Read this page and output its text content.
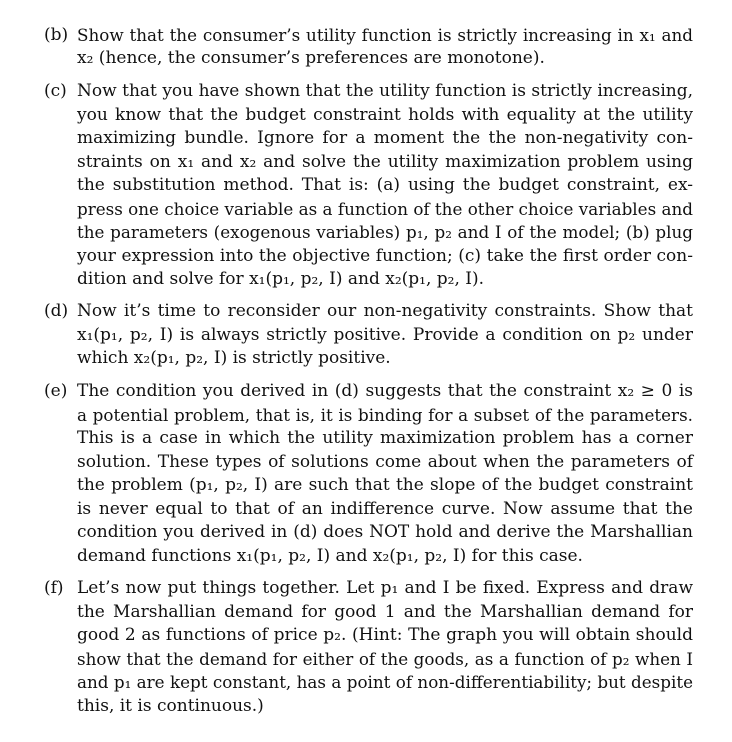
(b) Show that the consumer’s utility function is strictly increasing in x₁ and
x₂ (hence, the consumer’s preferences are monotone).
(c) Now that you have shown that the utility function is strictly increasing,
you know that the budget constraint holds with equality at the utility
maximizing bundle. Ignore for a moment the the non-negativity con-
straints on x₁ and x₂ and solve the utility maximization problem using
the substitution method. That is: (a) using the budget constraint, ex-
press one choice variable as a function of the other choice variables and
the parameters (exogenous variables) p₁, p₂ and I of the model; (b) plug
your expression into the objective function; (c) take the first order con-
dition and solve for x₁(p₁, p₂, I) and x₂(p₁, p₂, I).
(d) Now it’s time to reconsider our non-negativity constraints. Show that
x₁(p₁, p₂, I) is always strictly positive. Provide a condition on p₂ under
which x₂(p₁, p₂, I) is strictly positive.
(e) The condition you derived in (d) suggests that the constraint x₂ ≥ 0 is
a potential problem, that is, it is binding for a subset of the parameters.
This is a case in which the utility maximization problem has a corner
solution. These types of solutions come about when the parameters of
the problem (p₁, p₂, I) are such that the slope of the budget constraint
is never equal to that of an indifference curve. Now assume that the
condition you derived in (d) does NOT hold and derive the Marshallian
demand functions x₁(p₁, p₂, I) and x₂(p₁, p₂, I) for this case.
(f) Let’s now put things together. Let p₁ and I be fixed. Express and draw
the Marshallian demand for good 1 and the Marshallian demand for
good 2 as functions of price p₂. (Hint: The graph you will obtain should
show that the demand for either of the goods, as a function of p₂ when I
and p₁ are kept constant, has a point of non-differentiability; but despite
this, it is continuous.)
